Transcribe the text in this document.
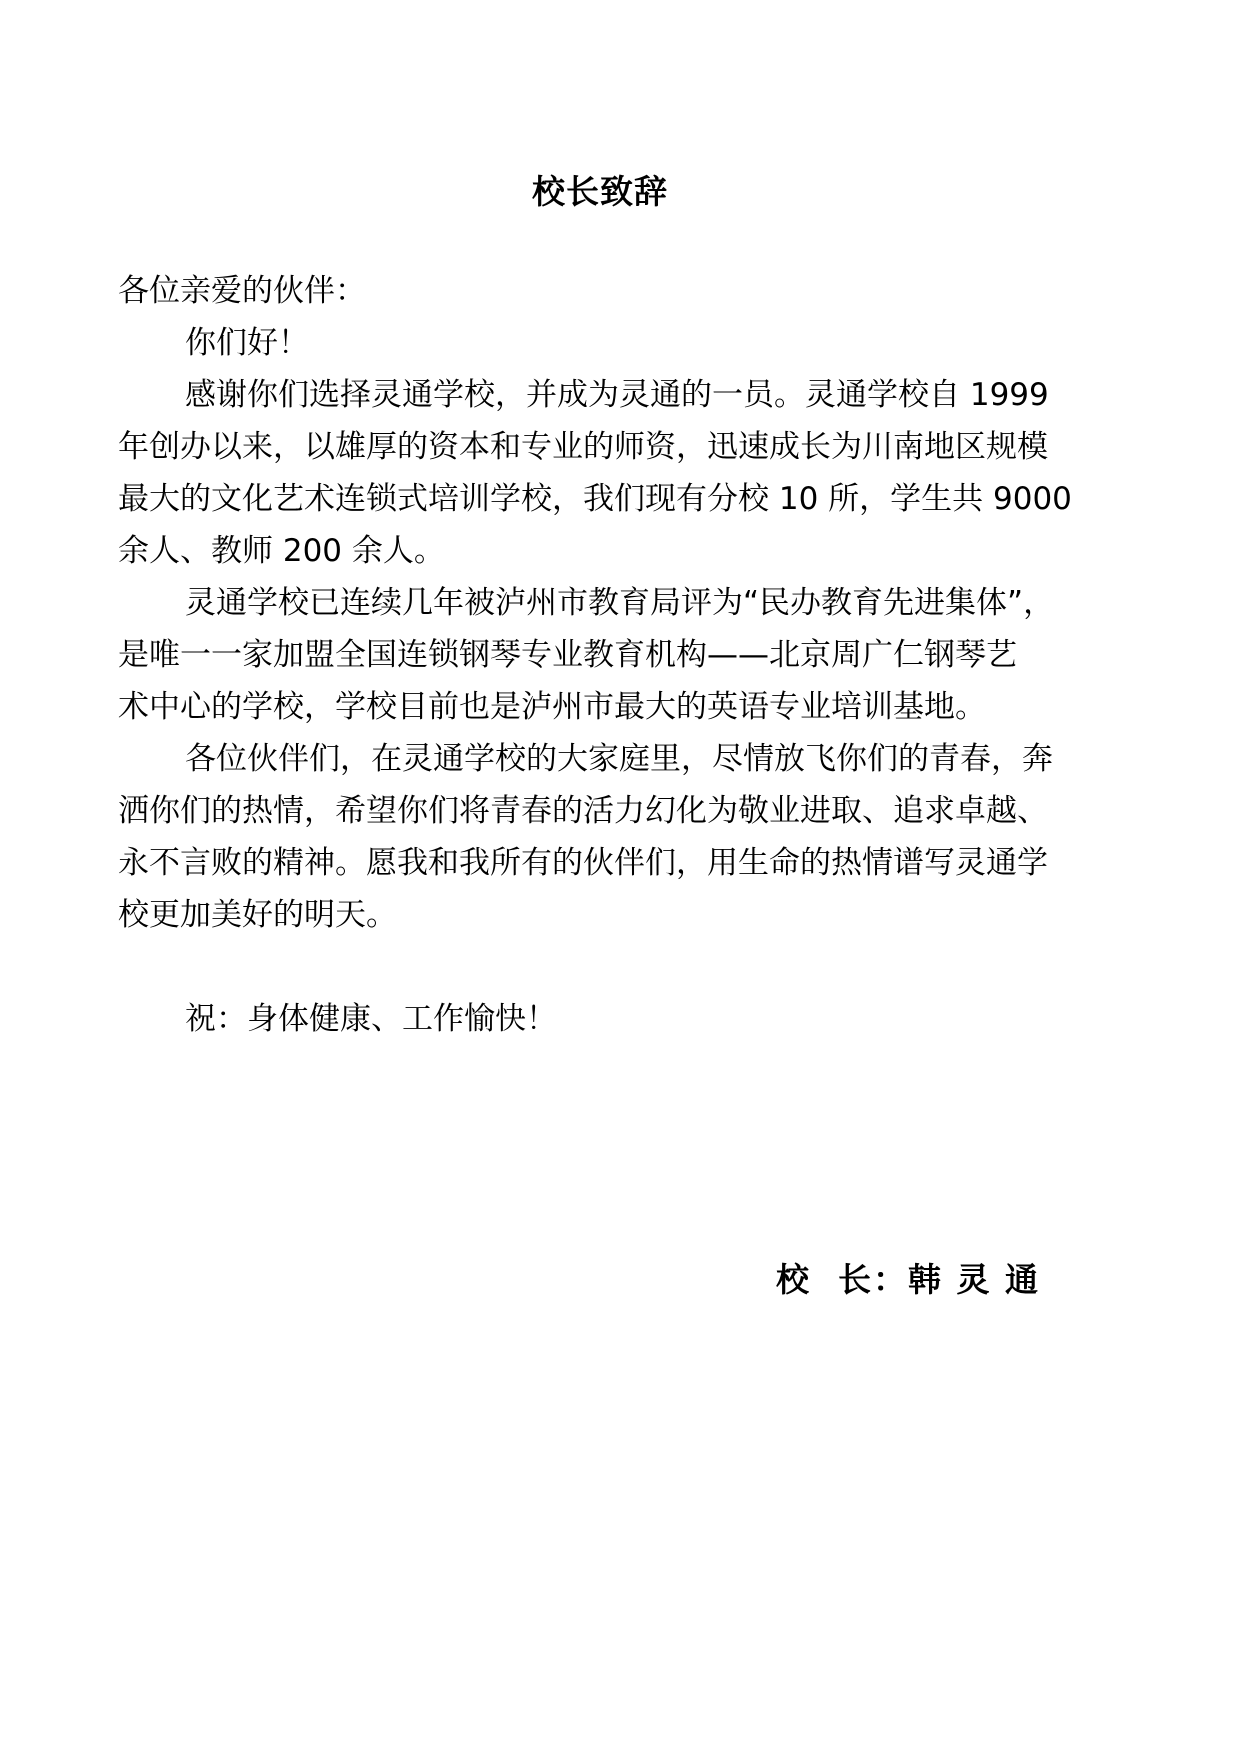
校长致辞
各位亲爱的伙伴：
你们好！
感谢你们选择灵通学校，并成为灵通的一员。灵通学校自 1999
年创办以来，以雄厚的资本和专业的师资，迅速成长为川南地区规模
最大的文化艺术连锁式培训学校，我们现有分校 10 所，学生共 9000
余人、教师 200 余人。
灵通学校已连续几年被泸州市教育局评为“民办教育先进集体”，
是唯一一家加盟全国连锁钢琴专业教育机构——北京周广仁钢琴艺
术中心的学校，学校目前也是泸州市最大的英语专业培训基地。
各位伙伴们，在灵通学校的大家庭里，尽情放飞你们的青春，奔
洒你们的热情，希望你们将青春的活力幻化为敬业进取、追求卓越、
永不言败的精神。愿我和我所有的伙伴们，用生命的热情谱写灵通学
校更加美好的明天。
祝：身体健康、工作愉快！
校  长：韩 灵 通
